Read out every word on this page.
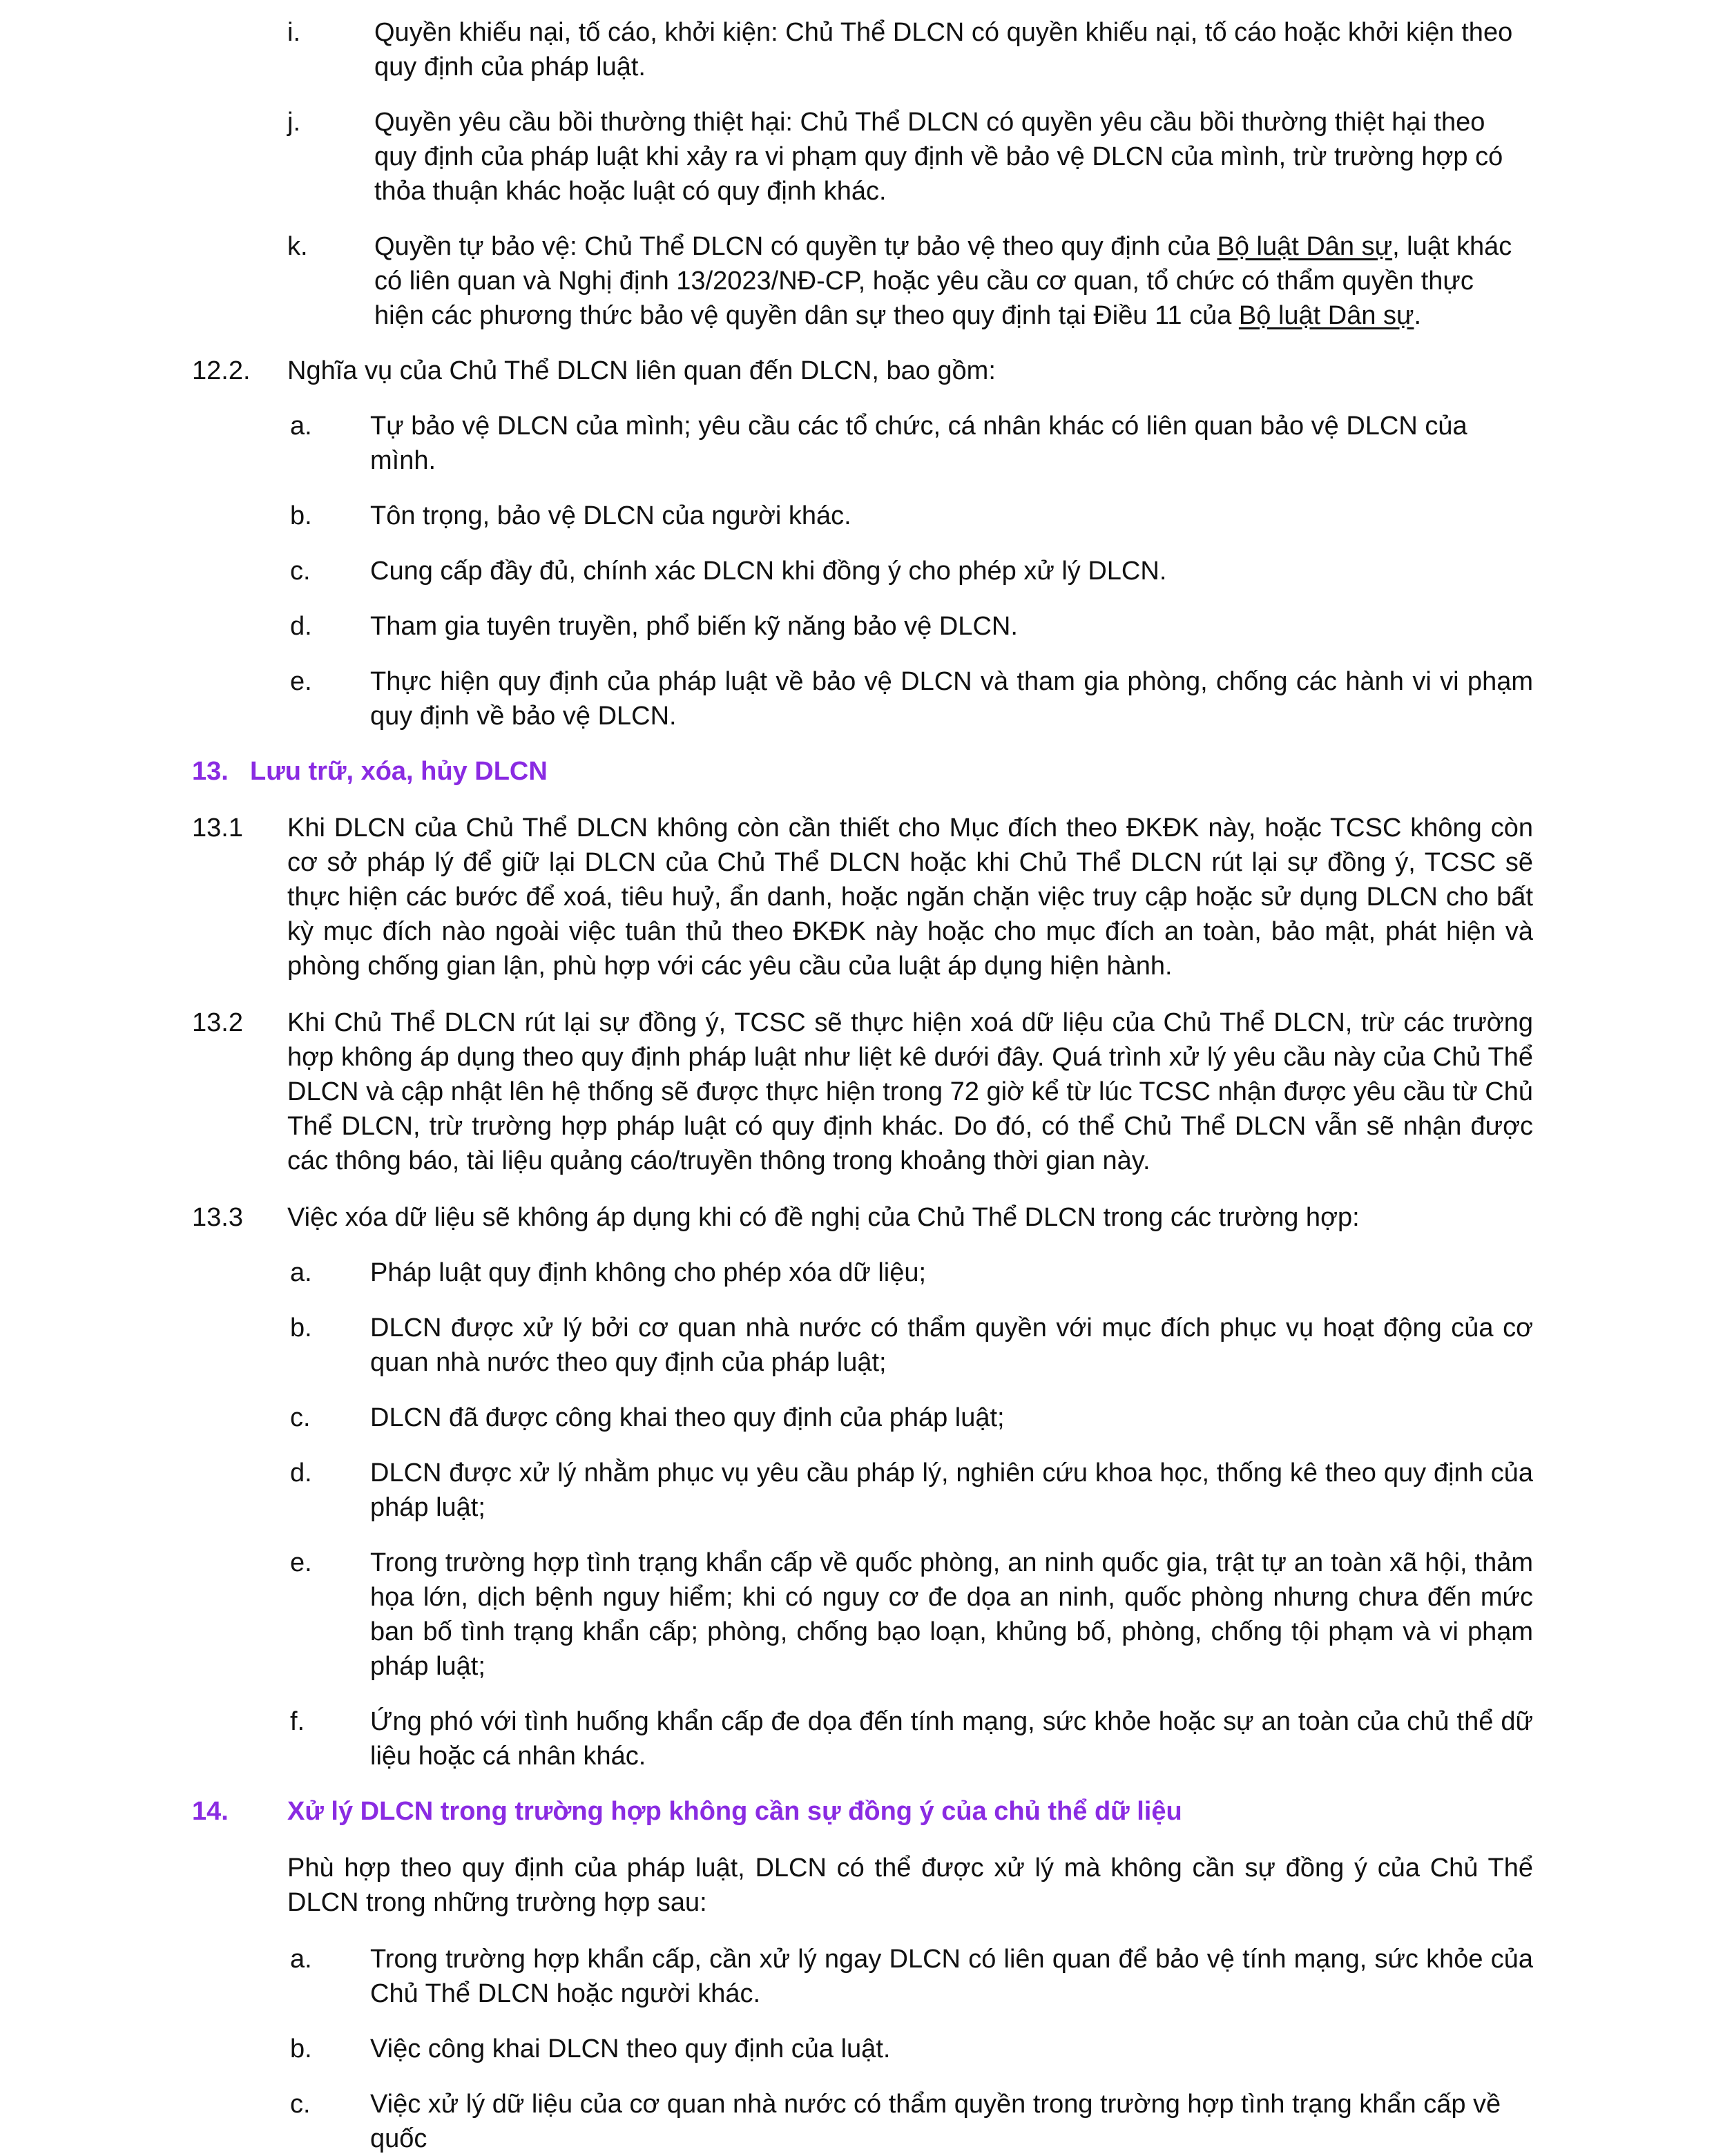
i.	Quyền khiếu nại, tố cáo, khởi kiện: Chủ Thể DLCN có quyền khiếu nại, tố cáo hoặc khởi kiện theo quy định của pháp luật.
j.	Quyền yêu cầu bồi thường thiệt hại: Chủ Thể DLCN có quyền yêu cầu bồi thường thiệt hại theo quy định của pháp luật khi xảy ra vi phạm quy định về bảo vệ DLCN của mình, trừ trường hợp có thỏa thuận khác hoặc luật có quy định khác.
k.	Quyền tự bảo vệ: Chủ Thể DLCN có quyền tự bảo vệ theo quy định của Bộ luật Dân sự, luật khác có liên quan và Nghị định 13/2023/NĐ-CP, hoặc yêu cầu cơ quan, tổ chức có thẩm quyền thực hiện các phương thức bảo vệ quyền dân sự theo quy định tại Điều 11 của Bộ luật Dân sự.
12.2. Nghĩa vụ của Chủ Thể DLCN liên quan đến DLCN, bao gồm:
a. Tự bảo vệ DLCN của mình; yêu cầu các tổ chức, cá nhân khác có liên quan bảo vệ DLCN của mình.
b. Tôn trọng, bảo vệ DLCN của người khác.
c. Cung cấp đầy đủ, chính xác DLCN khi đồng ý cho phép xử lý DLCN.
d. Tham gia tuyên truyền, phổ biến kỹ năng bảo vệ DLCN.
e. Thực hiện quy định của pháp luật về bảo vệ DLCN và tham gia phòng, chống các hành vi vi phạm quy định về bảo vệ DLCN.
13. Lưu trữ, xóa, hủy DLCN
13.1 Khi DLCN của Chủ Thể DLCN không còn cần thiết cho Mục đích theo ĐKĐK này, hoặc TCSC không còn cơ sở pháp lý để giữ lại DLCN của Chủ Thể DLCN hoặc khi Chủ Thể DLCN rút lại sự đồng ý, TCSC sẽ thực hiện các bước để xoá, tiêu huỷ, ẩn danh, hoặc ngăn chặn việc truy cập hoặc sử dụng DLCN cho bất kỳ mục đích nào ngoài việc tuân thủ theo ĐKĐK này hoặc cho mục đích an toàn, bảo mật, phát hiện và phòng chống gian lận, phù hợp với các yêu cầu của luật áp dụng hiện hành.
13.2 Khi Chủ Thể DLCN rút lại sự đồng ý, TCSC sẽ thực hiện xoá dữ liệu của Chủ Thể DLCN, trừ các trường hợp không áp dụng theo quy định pháp luật như liệt kê dưới đây. Quá trình xử lý yêu cầu này của Chủ Thể DLCN và cập nhật lên hệ thống sẽ được thực hiện trong 72 giờ kể từ lúc TCSC nhận được yêu cầu từ Chủ Thể DLCN, trừ trường hợp pháp luật có quy định khác. Do đó, có thể Chủ Thể DLCN vẫn sẽ nhận được các thông báo, tài liệu quảng cáo/truyền thông trong khoảng thời gian này.
13.3 Việc xóa dữ liệu sẽ không áp dụng khi có đề nghị của Chủ Thể DLCN trong các trường hợp:
a. Pháp luật quy định không cho phép xóa dữ liệu;
b. DLCN được xử lý bởi cơ quan nhà nước có thẩm quyền với mục đích phục vụ hoạt động của cơ quan nhà nước theo quy định của pháp luật;
c. DLCN đã được công khai theo quy định của pháp luật;
d. DLCN được xử lý nhằm phục vụ yêu cầu pháp lý, nghiên cứu khoa học, thống kê theo quy định của pháp luật;
e. Trong trường hợp tình trạng khẩn cấp về quốc phòng, an ninh quốc gia, trật tự an toàn xã hội, thảm họa lớn, dịch bệnh nguy hiểm; khi có nguy cơ đe dọa an ninh, quốc phòng nhưng chưa đến mức ban bố tình trạng khẩn cấp; phòng, chống bạo loạn, khủng bố, phòng, chống tội phạm và vi phạm pháp luật;
f. Ứng phó với tình huống khẩn cấp đe dọa đến tính mạng, sức khỏe hoặc sự an toàn của chủ thể dữ liệu hoặc cá nhân khác.
14. Xử lý DLCN trong trường hợp không cần sự đồng ý của chủ thể dữ liệu
Phù hợp theo quy định của pháp luật, DLCN có thể được xử lý mà không cần sự đồng ý của Chủ Thể DLCN trong những trường hợp sau:
a. Trong trường hợp khẩn cấp, cần xử lý ngay DLCN có liên quan để bảo vệ tính mạng, sức khỏe của Chủ Thể DLCN hoặc người khác.
b. Việc công khai DLCN theo quy định của luật.
c. Việc xử lý dữ liệu của cơ quan nhà nước có thẩm quyền trong trường hợp tình trạng khẩn cấp về quốc
